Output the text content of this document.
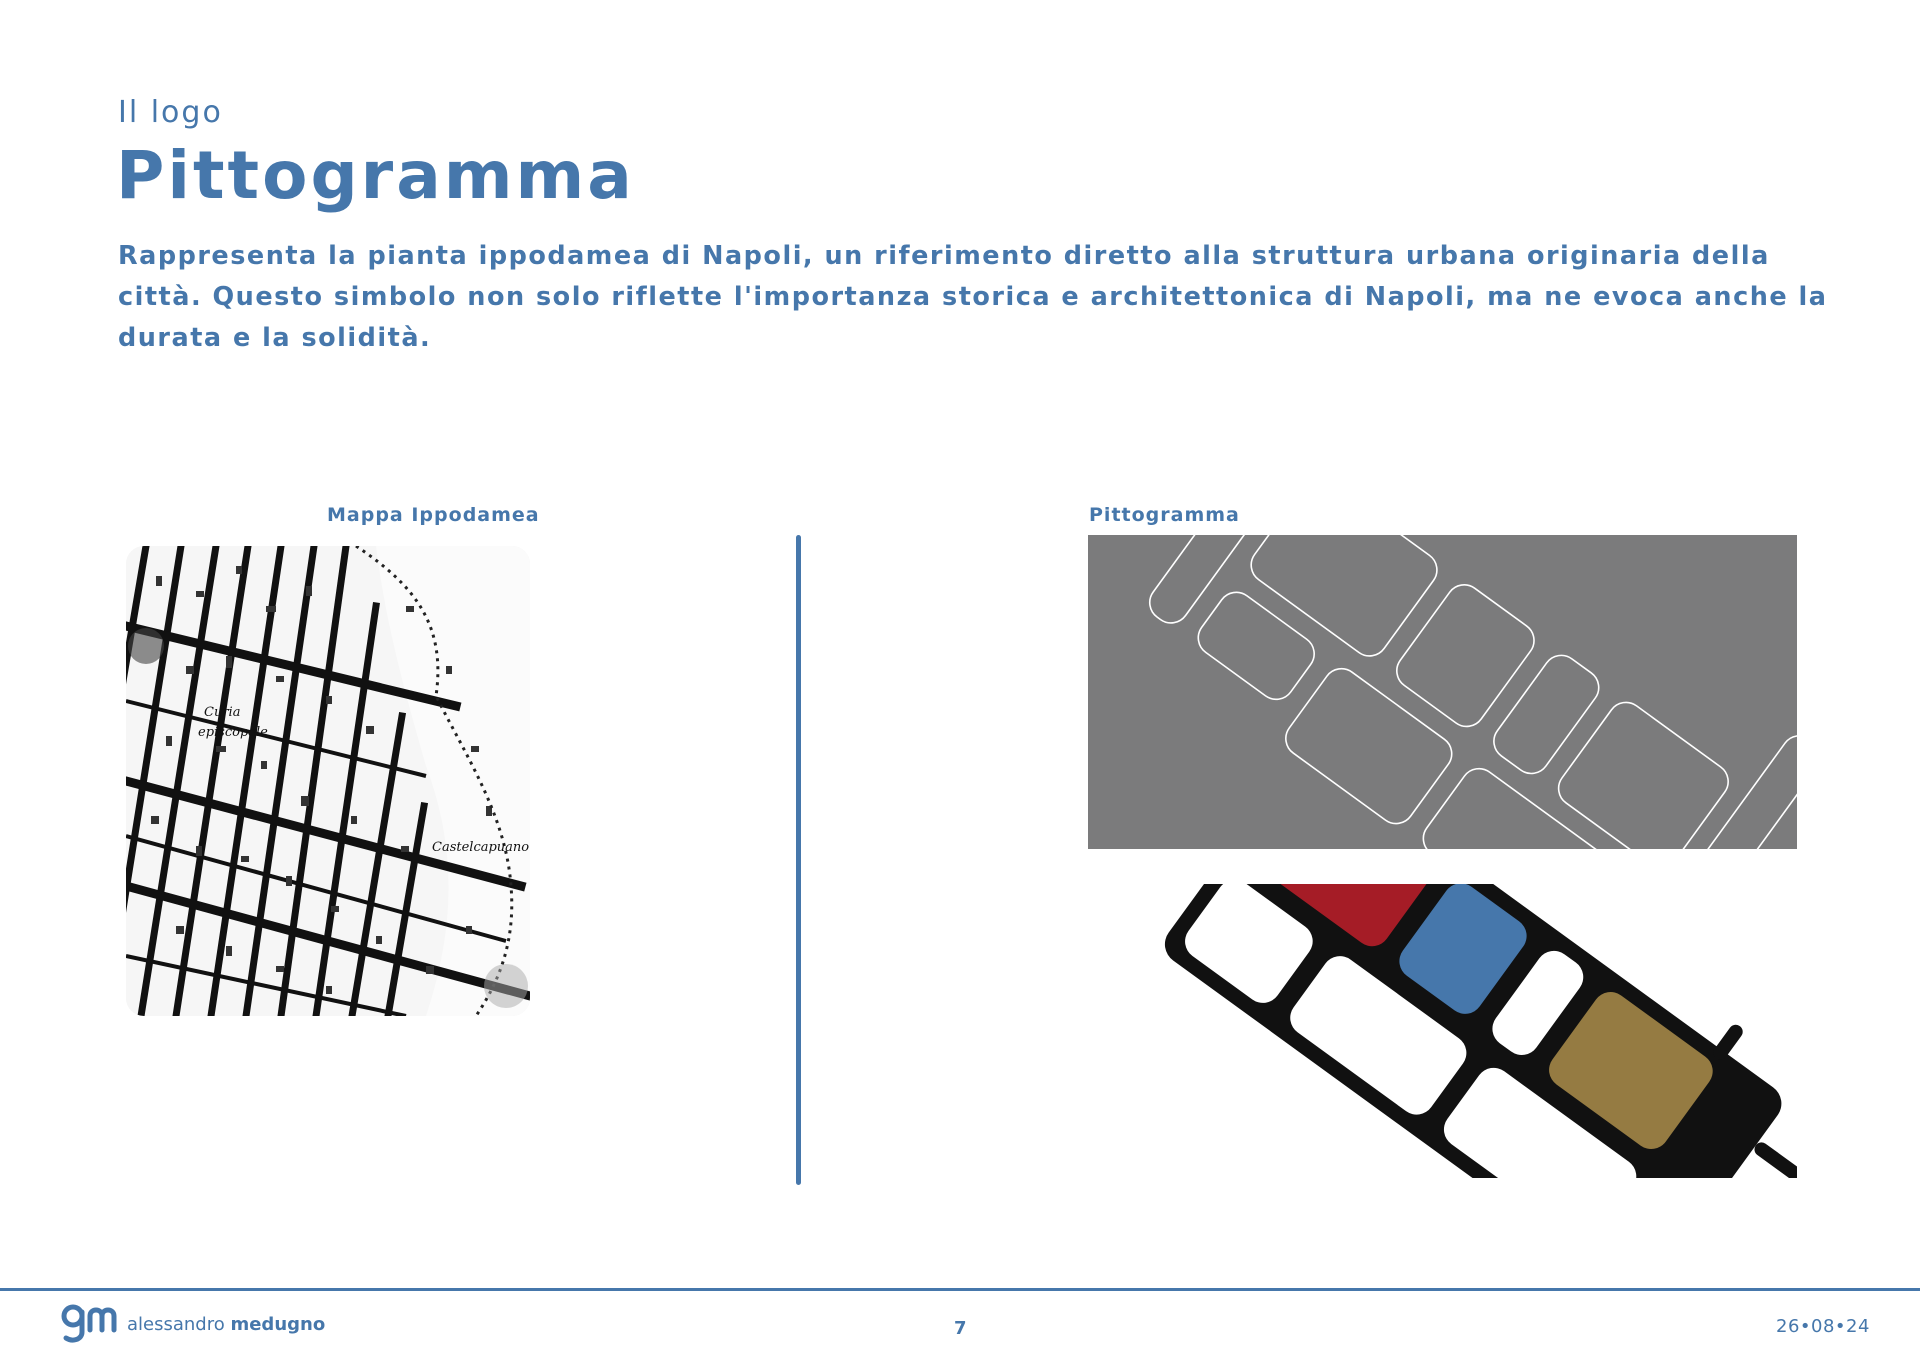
Il logo
Pittogramma
Rappresenta la pianta ippodamea di Napoli, un riferimento diretto alla struttura urbana originaria della città. Questo simbolo non solo riflette l'importanza storica e architettonica di Napoli, ma ne evoca anche la durata e la solidità.
Mappa Ippodamea	Pittogramma
Curia
episcopale
Castelcapuano
alessandro medugno	7	26•08•24
